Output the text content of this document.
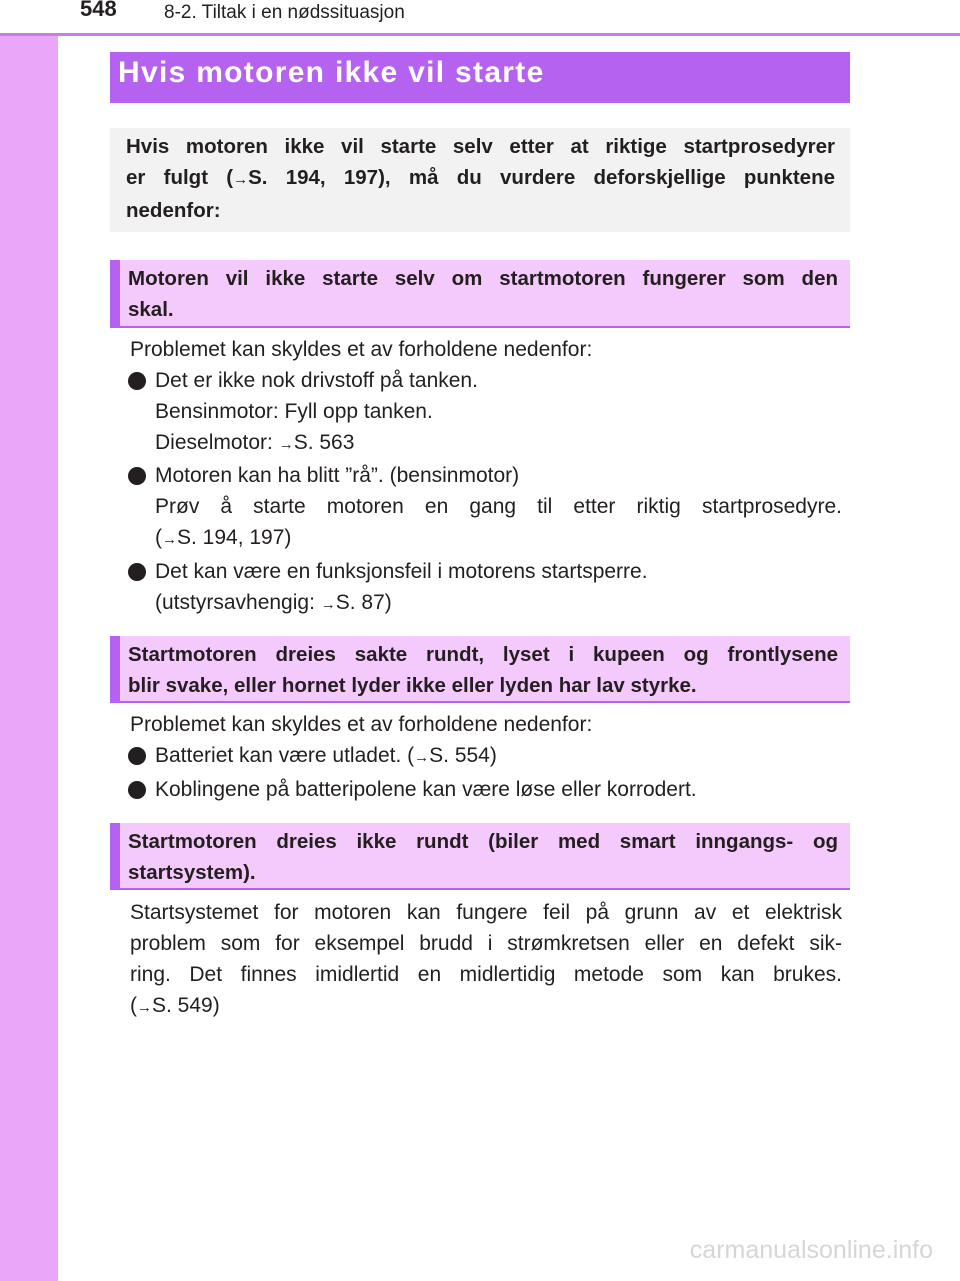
548 8-2. Tiltak i en nødssituasjon
Hvis motoren ikke vil starte
Hvis motoren ikke vil starte selv etter at riktige startprosedyrer
er fulgt (→S. 194, 197), må du vurdere deforskjellige punktene
nedenfor:
Motoren vil ikke starte selv om startmotoren fungerer som den
skal.
Problemet kan skyldes et av forholdene nedenfor:
Det er ikke nok drivstoff på tanken.
Bensinmotor: Fyll opp tanken.
Dieselmotor: →S. 563
Motoren kan ha blitt ”rå”. (bensinmotor)
Prøv å starte motoren en gang til etter riktig startprosedyre.
(→S. 194, 197)
Det kan være en funksjonsfeil i motorens startsperre.
(utstyrsavhengig: →S. 87)
Startmotoren dreies sakte rundt, lyset i kupeen og frontlysene
blir svake, eller hornet lyder ikke eller lyden har lav styrke.
Problemet kan skyldes et av forholdene nedenfor:
Batteriet kan være utladet. (→S. 554)
Koblingene på batteripolene kan være løse eller korrodert.
Startmotoren dreies ikke rundt (biler med smart inngangs- og
startsystem).
Startsystemet for motoren kan fungere feil på grunn av et elektrisk
problem som for eksempel brudd i strømkretsen eller en defekt sik-
ring. Det finnes imidlertid en midlertidig metode som kan brukes.
(→S. 549)
carmanualsonline.info
